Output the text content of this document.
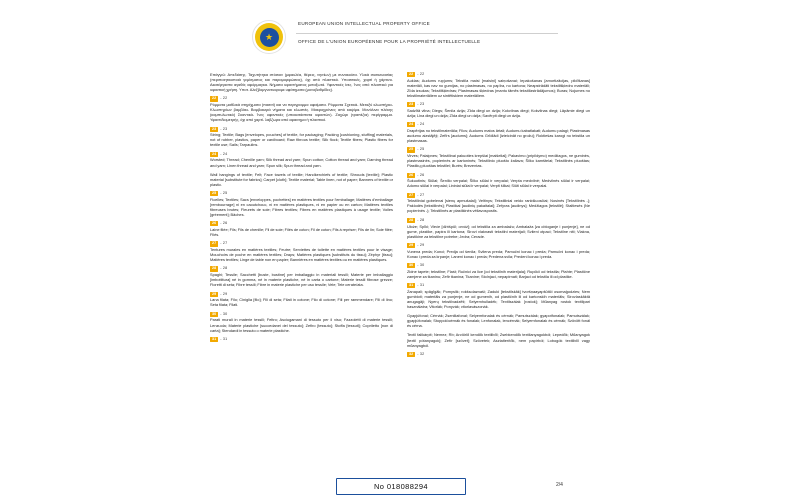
★
EUROPEAN UNION INTELLECTUAL PROPERTY OFFICE
OFFICE DE L'UNION EUROPÉENNE POUR LA PROPRIÉTÉ INTELLECTUELLE
Επάγγελ: Απεδιάτης. Ταχυτήτηκα στόσοιν (μφαυλέα, θέρεις, νησίων) με συνακούτα. Υλικά συσκευασίας (περιποιητικοποιά γεμίσματος και παραμορφώσεις), όχι από πλαστικό. Υποσιτικές, χαρτί ή χάρτινο. Ακατέργαστα αγαθά; αφόρμαγκα. Νήματα υφαντήματος μεταξωτά. Υφαντικές ίνες. Ίνες από πλαστικό για υφαντική χρήση. Υποτ. Αλεξβομγνατυαρομε υφάτηματα (μονοβαθμίδες).
22	- 22
Ρόμματα μαθλικά στηρίχματα (πασσί) και να περιγραμμα υφαίματα. Ρόμματα Σχετικά- Μεταξύ κλωστήριο- Κλωστηρίων βαμβάκι- Βαμβακερά νήματα και κλωστές. Μακροχρόνιες από καψίμα. Μονόλινα πλέκης (καμπυλωτικό) Σκαντικά- Ίνες υφαντικές (υποκατάστατα υφαντών). Ζαχώρι (τραπέζια) περίγραμμα. Υφαντιδιομετρής, όχι από χαρτί- λαβζωρα από οφαινημα ή πλαστικό.
23	- 23
String; Textile; Bags [envelopes, pouches] of textile, for packaging; Packing [cushioning, stuffing] materials, not of rubber, plastics, paper or cardboard; Raw fibrous textile; Silk flock; Textile fibers; Plastic fibers for textile use; Sails; Tarpaulins.
24	- 24
Worsted; Thread; Chenille yarn; Silk thread and yarn; Spun cotton; Cotton thread and yarn; Darning thread and yarn; Linen thread and yarn; Spun silk; Spun thread and yarn.
Wall hangings of textile; Felt; Face towels of textile; Handkerchiefs of textile; Shrouds [textile]; Plastic material [substitute for fabrics]; Carpet [cloth]; Textile material; Table linen, not of paper; Banners of textile or plastic.
25	- 25
Ficelles; Textiles; Sacs [enveloppes, pochettes] en matières textiles pour l'emballage; Matières d'emballage [rembourrage] ni en caoutchouc, ni en matières plastiques, ni en papier ou en carton; Matières textiles fibreuses brutes; Fleurets de soie; Fibres textiles; Fibres en matières plastiques à usage textile; Voiles [gréement]; Bâches.
26	- 26
Laine filée; Fils; Fils de chenille; Fil de soie; Filés de coton; Fil de coton; Fils à repriser; Fils de lin; Soie filée; Filés.
27	- 27
Tentures murales en matières textiles; Feutre; Serviettes de toilette en matières textiles pour le visage; Mouchoirs de poche en matières textiles; Draps; Matières plastiques [substituts du tissu]; Zéphyr [tissu]; Matières textiles; Linge de table non en papier; Bannières en matières textiles ou en matières plastiques.
28	- 28
Spaghi; Tessile; Sacchetti [buste, bustine] per imballaggio in materiali tessili; Materie per imballaggio [imbottitura] né in gomma, né in materie plastiche, né in carta o cartone; Materie tessili fibrose grezze; Fioretti di seta; Fibre tessili; Fibre in materie plastiche per uso tessile; Vele; Tele cerate/ata.
29	- 29
Lana filata; Filo; Ciniglia [filo]; Fili di seta; Filati in cotone; Filo di cotone; Fili per rammendare; Fili di lino; Seta filata; Filati.
30	- 30
Parati murali in materie tessili; Feltro; Asciugamani di tessuto per il viso; Fazzoletti di materie tessili; Lenzuola; Materie plastiche [succedanei del tessuto]; Zefiro [tessuto]; Stoffa [tessuti]; Copriletto [non di carta]; Stendardi in tessuto o materie plastiche.
31	- 31
22	- 22
Auklas; Audums rupjums; Tekstila maisi [maisiņi] saiņošanai; Iepakošanas [amortizācijas, pildīšanas] materiāli, kas nav no gumijas, no plastmasas, no papīra, no kartona; Neapstrādāti tekstilšķiedru materiāli; Zīda izsukas; Tekstilšķiedras; Plastmasas šķiedras (mantu tāmēs tekstilizstrādājumos); Buras; Nojumes no tekstilmateriāliem uz sintētiskiem materiāliem.
23	- 23
Sadzītā vilna; Diegs; Šenila dzija; Zīda diegi un dzija; Kokvilnas diegi; Kokvilnas diegi; Lāpāmie diegi un dzija; Lina diegi un dzija; Zīda diegi un dzija; Savērpti diegi un dzija.
24	- 24
Drapērijas no tekstilmateriāla; Filcs; Audums matos ārtali; Audumu kabatlakati; Audumu palagi; Plastmasas audumu aizstājēji; Zefīrs [audums]; Audums Grīdlādi [izteicināt no grožu]; Roktiešas karogi no tekstila un plastmasas.
25	- 25
Virves; Palaipnes; Tekstilinai pakuoties krepšiai [maišeliai]; Pakavimo (pripildymo) medžiagos, ne guminės, plastmasinės, popierinės ar kartoninės; Tekstilinio pluošto žaliava; Šilko kamštelai; Tekstilinės pluoštas; Plastikų pluoštas tekstilei; Burės; Brezentas.
26	- 26
Šukuotinis; Siūlai; Šenilio verpalai; Šilko siūlai ir verpalai; Verpta medvilnė; Medvilnės siūlai ir verpalai; Adomo siūlai ir verpalai; Lininiai siūlai ir verpalai; Verpti šilkai; Siūti siūlai ir verpalai.
27	- 27
Tekstiliniai gobelenai [sienų apmušalai]; Veltinys; Tekstiliniai veido rankšluosčiai; Nosinės [Tekstilinės -]; Paklodės [tekstilinės]; Plastikai [audinių pakaitalai]; Zefyras [audinys]; Medžiagos [tekstilė]; Staltiesės (Ne popierinės -); Tekstilinės ar plastikinės vėliavospostis.
28	- 28
Ułoże; Spīki; Vleće [džńšpūl; orvóź]; od tekstilia za ambalažu; Ambalaža [za obloganje i punjenje], ne od gume, plastike, papira ili kartona; Sirovi vlaknasti tekstilni materijali; Svileni otpaci; Tekstilne niti; Vlakna, plastikine za tekstilne potrebe; Jedra; Cerade.
29	- 29
Vunena preda; Konci; Predja od šenila; Svilena preda; Pamučni konac i preda; Pamučni konac i preda; Konac i preda za krpanje; Laneni konac i preda; Predena svila; Predeni konac i preda.
30	- 30
Zidne tapete; tekstilne; Flaśt; Ručnici za lice [od tekstilnih materijala]; Rupčići od tekstila; Plahte; Plastične zamjene za tkaninu; Zefir tkanina; Tkanine; Stolnjaci, nepapirnati; Barjaci od tekstila ili od plastike.
31	- 31
Żanapali; spāgīgāk; Pomyslik; rokšsolaznaši; Zaduki [tekstilskāk] tvoršņaayapšūtiči osomaģodzies; Nem gumbioti; materiāls za punjenje, ne od gumenih, od plastičnih ili od kartonskih materiāls; Sirovlaskāktā anugagāji; Nyerų tekstilvadzēti; Selyemhulladék; Textilszálak [rostok]; Műanyag rostok textilipari használatra; Vitorlák; Ponyvák; vitorlavászonák.
Gyapjúfonal; Cérnák; Zseniliafonal; Selyemfonalak és cérnák; Pamutszálak; gyapotfonalak; Pamutszálak; gyapjúfonalak; Stoppolócérnák és fonalak; Lenfonalak, lencérnák; Selyemfonalak és cérnák; Szövött fonál és cérna.
Textil falikárpit; Nemez; Rb; Arctörlő kendők textilből; Zsebkendők textilanyagokból; Lepedők; Műanyagok [textil pótanyagok]; Zefír [szövet]; Szövetek; Asztalterítők, nem papírból; Lobogók textilből vagy műanyagból.
32	- 32
No 018088294	2/4
